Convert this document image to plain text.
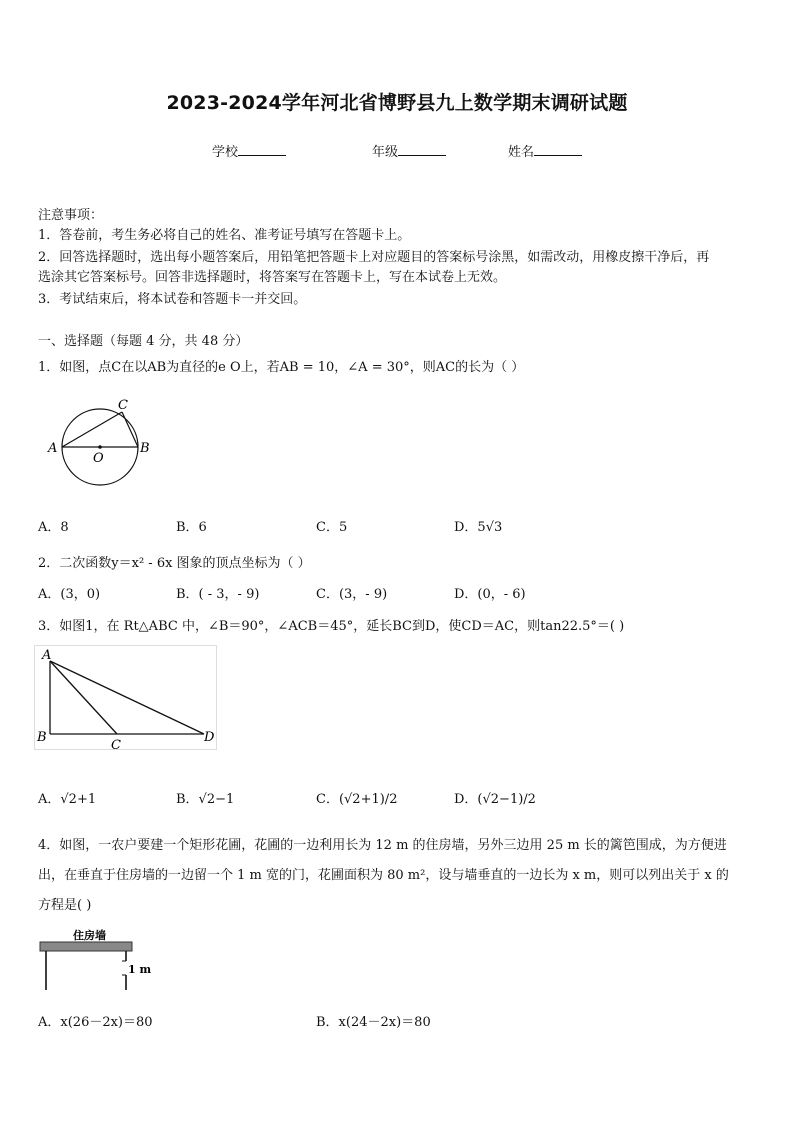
2023-2024学年河北省博野县九上数学期末调研试题
学校	年级	姓名
注意事项：
1．答卷前，考生务必将自己的姓名、准考证号填写在答题卡上。
2．回答选择题时，选出每小题答案后，用铅笔把答题卡上对应题目的答案标号涂黑，如需改动，用橡皮擦干净后，再
选涂其它答案标号。回答非选择题时，将答案写在答题卡上，写在本试卷上无效。
3．考试结束后，将本试卷和答题卡一并交回。
一、选择题（每题 4 分，共 48 分）
1．如图，点C在以AB为直径的e O上，若AB = 10，∠A = 30°，则AC的长为（ ）
A	B
C
O
A．8	B．6	C．5	D．5√3
2．二次函数y＝x² - 6x 图象的顶点坐标为（ ）
A．(3，0)	B．( - 3，- 9)	C．(3，- 9)	D．(0，- 6)
3．如图1，在 Rt△ABC 中，∠B＝90°，∠ACB＝45°，延长BC到D，使CD＝AC，则tan22.5°＝( )
A
B
C
D
A．√2+1	B．√2−1	C．(√2+1)/2	D．(√2−1)/2
4．如图，一农户要建一个矩形花圃，花圃的一边利用长为 12 m 的住房墙，另外三边用 25 m 长的篱笆围成，为方便进
出，在垂直于住房墙的一边留一个 1 m 宽的门，花圃面积为 80 m²，设与墙垂直的一边长为 x m，则可以列出关于 x 的
方程是( )
住房墙
1 m
A．x(26－2x)＝80	B．x(24－2x)＝80
